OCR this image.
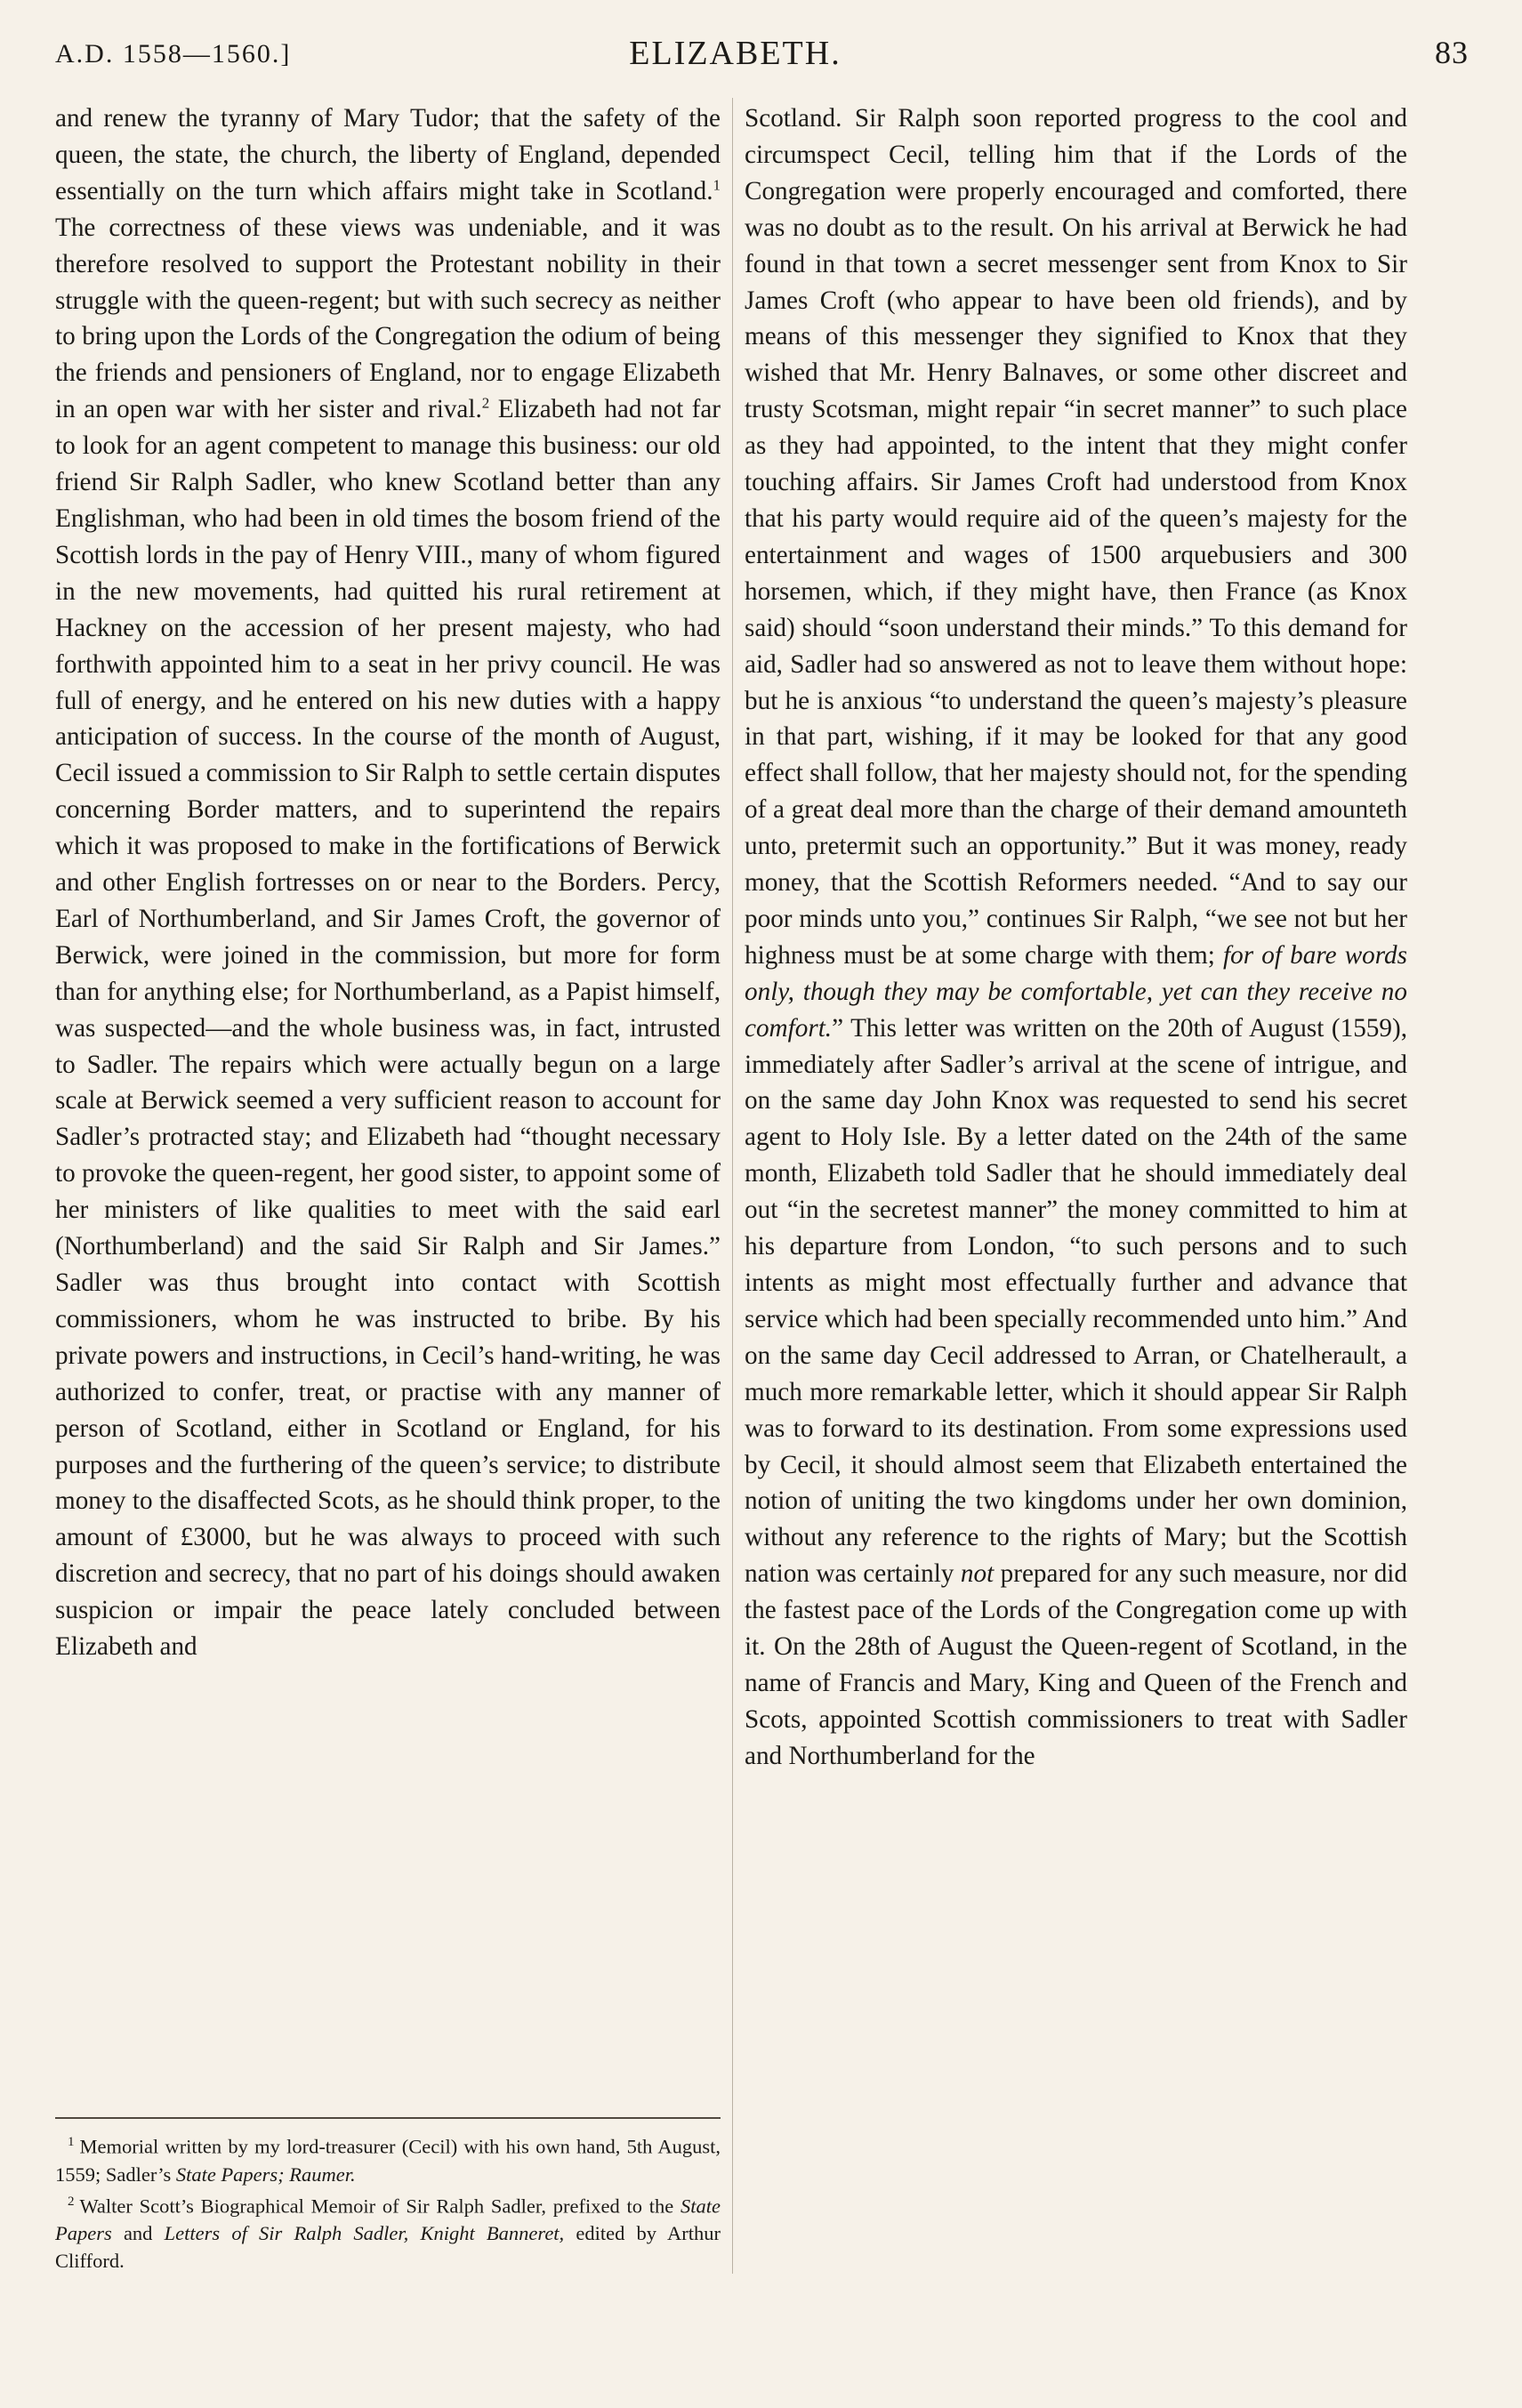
A.D. 1558—1560.]	ELIZABETH.	83

and renew the tyranny of Mary Tudor; that the safety of the queen, the state, the church, the liberty of England, depended essentially on the turn which affairs might take in Scotland.$^1$ The correctness of these views was undeniable, and it was therefore resolved to support the Protestant nobility in their struggle with the queen-regent; but with such secrecy as neither to bring upon the Lords of the Congregation the odium of being the friends and pensioners of England, nor to engage Elizabeth in an open war with her sister and rival.$^2$ Elizabeth had not far to look for an agent competent to manage this business: our old friend Sir Ralph Sadler, who knew Scotland better than any Englishman, who had been in old times the bosom friend of the Scottish lords in the pay of Henry VIII., many of whom figured in the new movements, had quitted his rural retirement at Hackney on the accession of her present majesty, who had forthwith appointed him to a seat in her privy council. He was full of energy, and he entered on his new duties with a happy anticipation of success. In the course of the month of August, Cecil issued a commission to Sir Ralph to settle certain disputes concerning Border matters, and to superintend the repairs which it was proposed to make in the fortifications of Berwick and other English fortresses on or near to the Borders. Percy, Earl of Northumberland, and Sir James Croft, the governor of Berwick, were joined in the commission, but more for form than for anything else; for Northumberland, as a Papist himself, was suspected—and the whole business was, in fact, intrusted to Sadler. The repairs which were actually begun on a large scale at Berwick seemed a very sufficient reason to account for Sadler’s protracted stay; and Elizabeth had “thought necessary to provoke the queen-regent, her good sister, to appoint some of her ministers of like qualities to meet with the said earl (Northumberland) and the said Sir Ralph and Sir James.” Sadler was thus brought into contact with Scottish commissioners, whom he was instructed to bribe. By his private powers and instructions, in Cecil’s hand-writing, he was authorized to confer, treat, or practise with any manner of person of Scotland, either in Scotland or England, for his purposes and the furthering of the queen’s service; to distribute money to the disaffected Scots, as he should think proper, to the amount of £3000, but he was always to proceed with such discretion and secrecy, that no part of his doings should awaken suspicion or impair the peace lately concluded between Elizabeth and

Scotland. Sir Ralph soon reported progress to the cool and circumspect Cecil, telling him that if the Lords of the Congregation were properly encouraged and comforted, there was no doubt as to the result. On his arrival at Berwick he had found in that town a secret messenger sent from Knox to Sir James Croft (who appear to have been old friends), and by means of this messenger they signified to Knox that they wished that Mr. Henry Balnaves, or some other discreet and trusty Scotsman, might repair “in secret manner” to such place as they had appointed, to the intent that they might confer touching affairs. Sir James Croft had understood from Knox that his party would require aid of the queen’s majesty for the entertainment and wages of 1500 arquebusiers and 300 horsemen, which, if they might have, then France (as Knox said) should “soon understand their minds.” To this demand for aid, Sadler had so answered as not to leave them without hope: but he is anxious “to understand the queen’s majesty’s pleasure in that part, wishing, if it may be looked for that any good effect shall follow, that her majesty should not, for the spending of a great deal more than the charge of their demand amounteth unto, pretermit such an opportunity.” But it was money, ready money, that the Scottish Reformers needed. “And to say our poor minds unto you,” continues Sir Ralph, “we see not but her highness must be at some charge with them; for of bare words only, though they may be comfortable, yet can they receive no comfort.” This letter was written on the 20th of August (1559), immediately after Sadler’s arrival at the scene of intrigue, and on the same day John Knox was requested to send his secret agent to Holy Isle. By a letter dated on the 24th of the same month, Elizabeth told Sadler that he should immediately deal out “in the secretest manner” the money committed to him at his departure from London, “to such persons and to such intents as might most effectually further and advance that service which had been specially recommended unto him.” And on the same day Cecil addressed to Arran, or Chatelherault, a much more remarkable letter, which it should appear Sir Ralph was to forward to its destination. From some expressions used by Cecil, it should almost seem that Elizabeth entertained the notion of uniting the two kingdoms under her own dominion, without any reference to the rights of Mary; but the Scottish nation was certainly not prepared for any such measure, nor did the fastest pace of the Lords of the Congregation come up with it. On the 28th of August the Queen-regent of Scotland, in the name of Francis and Mary, King and Queen of the French and Scots, appointed Scottish commissioners to treat with Sadler and Northumberland for the

$^1$ Memorial written by my lord-treasurer (Cecil) with his own hand, 5th August, 1559; Sadler’s State Papers; Raumer.

$^2$ Walter Scott’s Biographical Memoir of Sir Ralph Sadler, prefixed to the State Papers and Letters of Sir Ralph Sadler, Knight Banneret, edited by Arthur Clifford.
